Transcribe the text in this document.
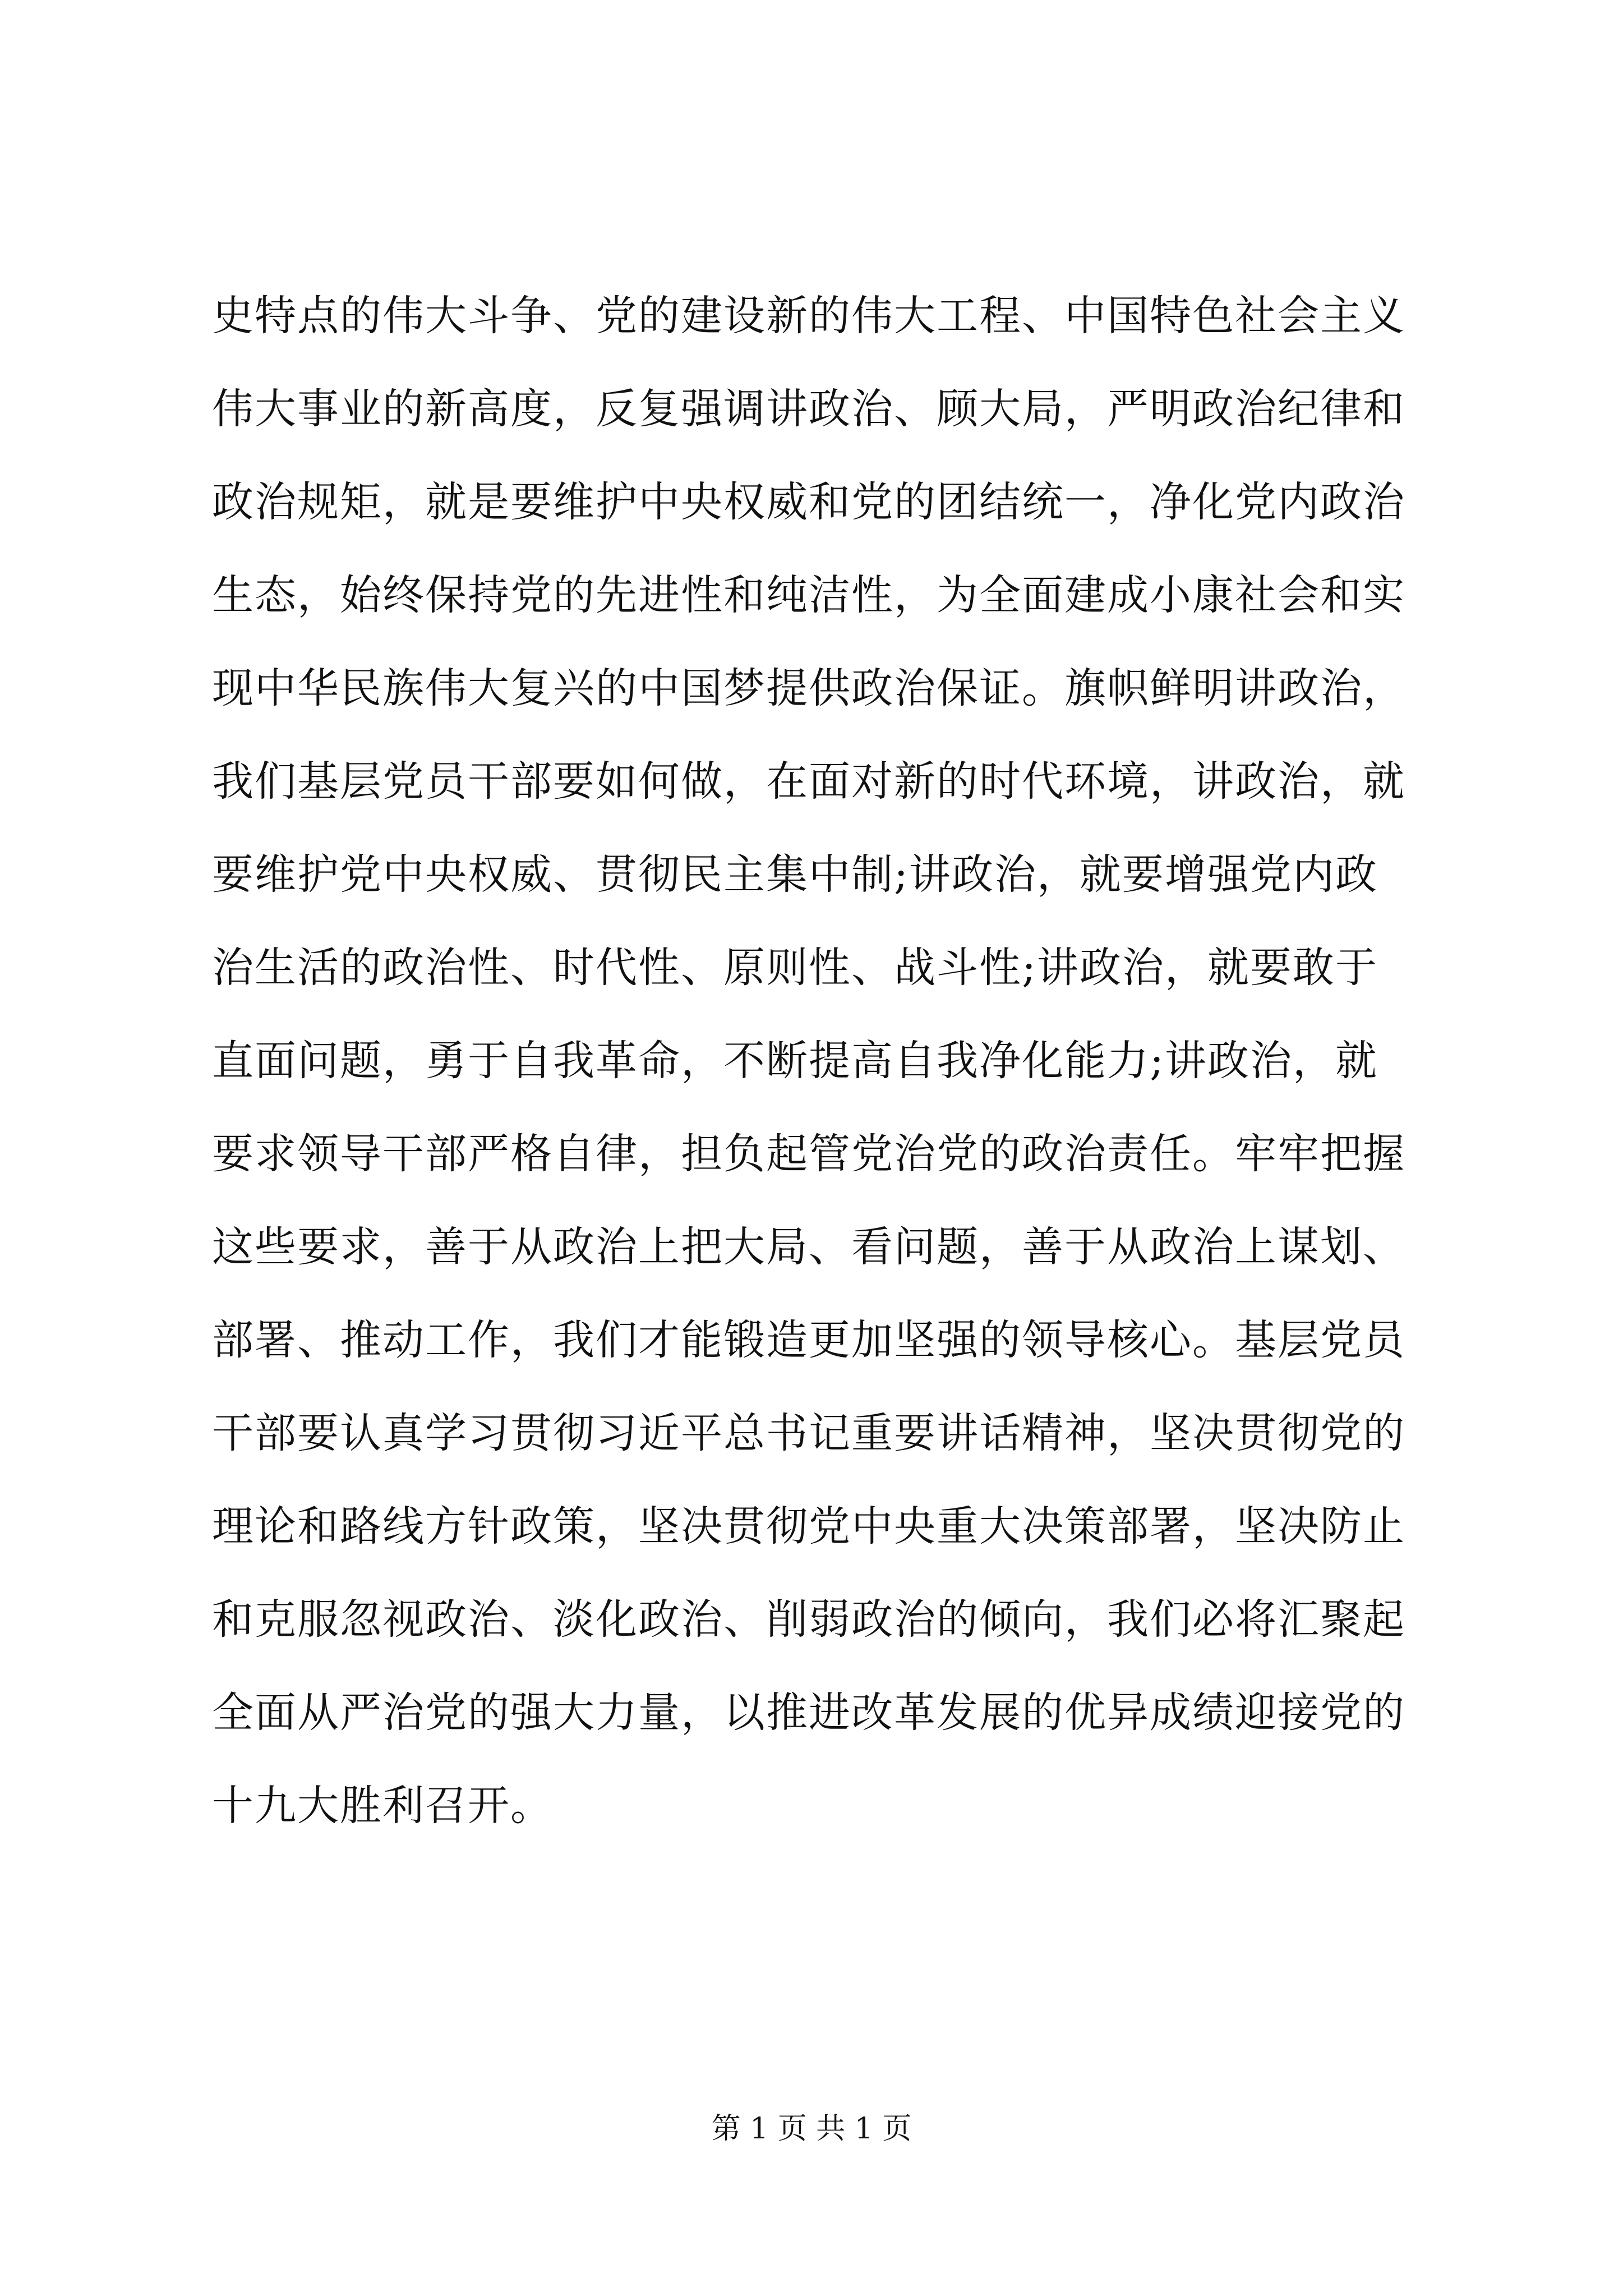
史特点的伟大斗争、党的建设新的伟大工程、中国特色社会主义
伟大事业的新高度，反复强调讲政治、顾大局，严明政治纪律和
政治规矩，就是要维护中央权威和党的团结统一，净化党内政治
生态，始终保持党的先进性和纯洁性，为全面建成小康社会和实
现中华民族伟大复兴的中国梦提供政治保证。旗帜鲜明讲政治，
我们基层党员干部要如何做，在面对新的时代环境，讲政治，就
要维护党中央权威、贯彻民主集中制;讲政治，就要增强党内政
治生活的政治性、时代性、原则性、战斗性;讲政治，就要敢于
直面问题，勇于自我革命，不断提高自我净化能力;讲政治，就
要求领导干部严格自律，担负起管党治党的政治责任。牢牢把握
这些要求，善于从政治上把大局、看问题，善于从政治上谋划、
部署、推动工作，我们才能锻造更加坚强的领导核心。基层党员
干部要认真学习贯彻习近平总书记重要讲话精神，坚决贯彻党的
理论和路线方针政策，坚决贯彻党中央重大决策部署，坚决防止
和克服忽视政治、淡化政治、削弱政治的倾向，我们必将汇聚起
全面从严治党的强大力量，以推进改革发展的优异成绩迎接党的
十九大胜利召开。
第 1 页 共 1 页
